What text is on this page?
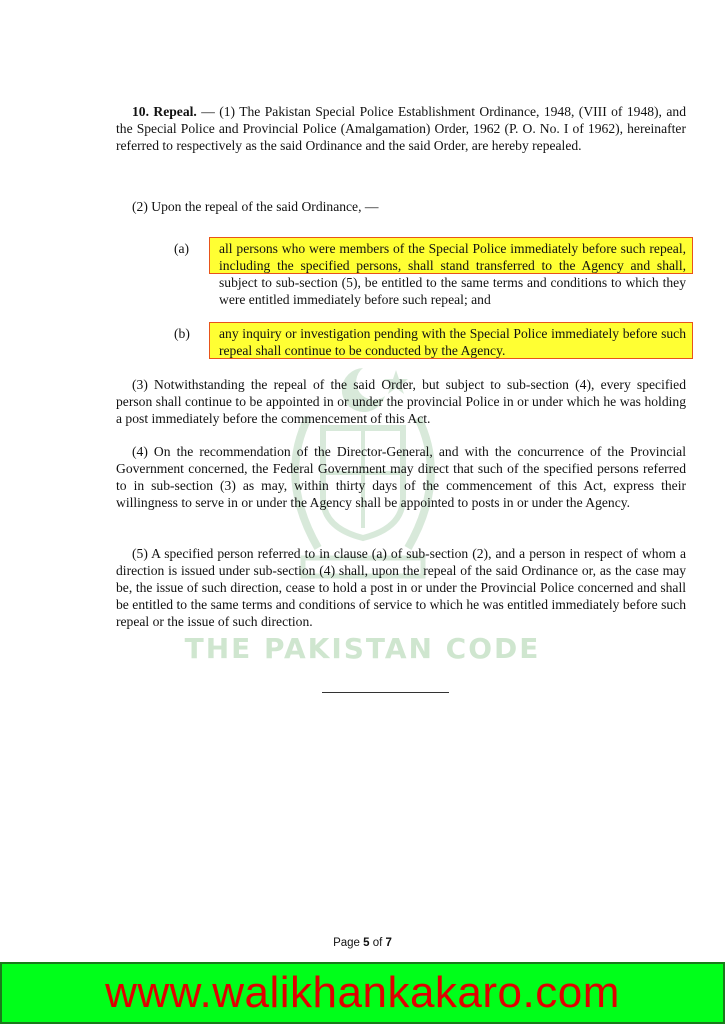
THE PAKISTAN CODE
10. Repeal. — (1) The Pakistan Special Police Establishment Ordinance, 1948, (VIII of 1948), and the Special Police and Provincial Police (Amalgamation) Order, 1962 (P. O. No. I of 1962), hereinafter referred to respectively as the said Ordinance and the said Order, are hereby repealed.
(2) Upon the repeal of the said Ordinance, —
(a) all persons who were members of the Special Police immediately before such repeal, including the specified persons, shall stand transferred to the Agency and shall, subject to sub-section (5), be entitled to the same terms and conditions to which they were entitled immediately before such repeal; and
(b) any inquiry or investigation pending with the Special Police immediately before such repeal shall continue to be conducted by the Agency.
(3) Notwithstanding the repeal of the said Order, but subject to sub-section (4), every specified person shall continue to be appointed in or under the provincial Police in or under which he was holding a post immediately before the commencement of this Act.
(4) On the recommendation of the Director-General, and with the concurrence of the Provincial Government concerned, the Federal Government may direct that such of the specified persons referred to in sub-section (3) as may, within thirty days of the commencement of this Act, express their willingness to serve in or under the Agency shall be appointed to posts in or under the Agency.
(5) A specified person referred to in clause (a) of sub-section (2), and a person in respect of whom a direction is issued under sub-section (4) shall, upon the repeal of the said Ordinance or, as the case may be, the issue of such direction, cease to hold a post in or under the Provincial Police concerned and shall be entitled to the same terms and conditions of service to which he was entitled immediately before such repeal or the issue of such direction.
Page 5 of 7
www.walikhankakaro.com
